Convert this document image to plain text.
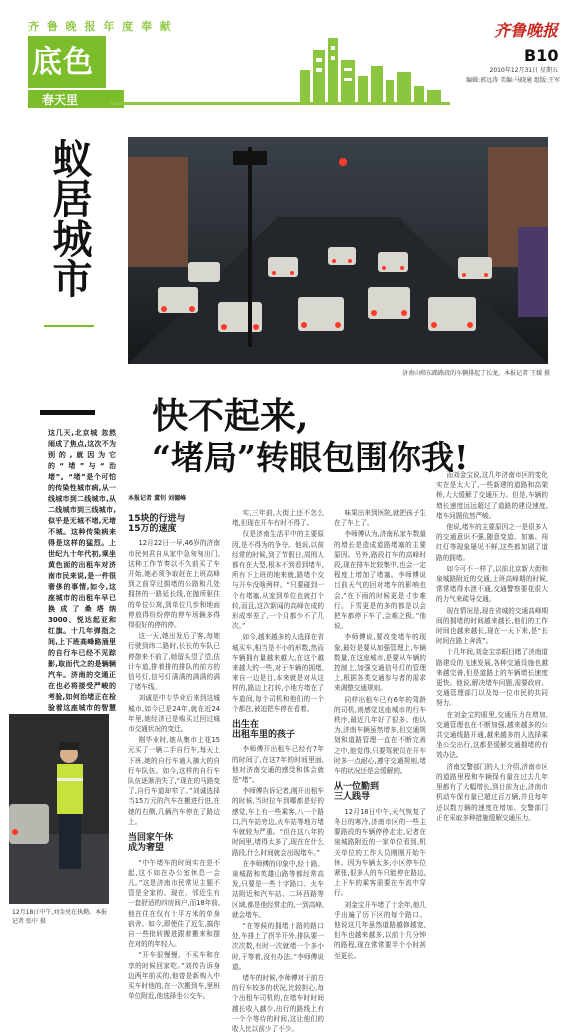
齐 鲁 晚 报 年 度 奉 献
底色
春天里
齐鲁晚报
B10
2010年12月31日 星期五
编辑:郭远涛 美编:马晓通 组版:王军
蚁居城市
济南山师东路路段的车辆排起了长龙。本报记者 王媛 摄
快不起来,
“堵局”转眼包围你我!
本报记者 董钊 刘德峰

这几天,北京城 忽然闹成了焦点,这次不为别的,就因为它的“堵”与“治堵”。“堵”是个可怕的传染性城市病,从一线城市到二线城市,从二线城市到三线城市,似乎是无城不堵,无堵不城。这种传染病来得是这样的猛烈。上世纪九十年代初,乘坐黄色面的出租车对济南市民来说,是一件很奢侈的事情,如今,这座城市的出租车早已换成了桑塔纳3000、悦达起亚和红旗。十几年弹指之间,上下班高峰路涌里的自行车已经不见踪影,取而代之的是辆辆汽车。济南的交通正在也必将接受严峻的考验,如何治堵正在检验着这座城市的智慧

12月18日中午,刘金亮在执勤。本报记者 张中 摄
15块的行进与
15万的速度

12月22日一早,46岁的济南市民何君自从家中急匆匆出门,这种工作节奏以不久前买了车开始,她必须争取赶在上班高峰到之前穿过拥堵的公路和几处拥挤的一路延长线,在抛所驱住的单位公寓,到单位几步和地面停放得纷纷停的停车场辆多得得很好的停的停。

这一天,她出发后了客,每她行驶到纬二路时,长长的车队已停憩来不前了,她留头望了望,估计车道,排着排的排队的前方的信号灯,信号灯满满的满满的满了堵车线。

刘诚是中专毕业后来到这城城市,如今已是24年,就在近24年里,她经济已是购买过回过城市交通状况的变迁。

刚毕业时,她从集市上花15元买了一辆二手自行车,每天上下班,她的自行车通人摘大的自行车队伍。如今,这样的自行车队伍逐渐消失了,“现在的马路变了,自行车道却窄了。”刘诚选择当15万元的汽车在搬进行进,在她的右侧,几辆汽车停在了路边上。

当回家午休
成为奢望

“中午堵车的时间实在是不起,这不如在办公室休息一会儿。”这是济南市民常见主题不管是全家的、现在、邻近生有一套舒适的四房间户,而18年前,他在住在仅有十平方米的单身宿舍。如今,即使住了近生,搞你自一些批转搬进跟着搬来和摆在对的的年轻人。

“开车很慢慢、不买车和在享的时候回家吃。”刘传告诉身边两年前买的,他曾是新购入中买车时他的,在一次搬到车,里班单位附近,他选择坐公交车。

实,三年前,大街上还不怎么堵,但现在开车有时不得了。

仅是济南生活平中的主要原因,是不得为的争夺。他说,以前经常的时候,到了节假日,周围人都有在大型,根本不到看到堵车,所有下上班的地来就,路堵个交与开车没啥两样。“只要碰到一个有堵塞,从家到单位也就打个转,而且,这次新闻的高峰在成的形成率差了,一个月都少不了几次。”

如今,越来越多的人选择在省城买车,相当是不小的形数,然而车辆拥有量越来越大,在这个越来越大的一些,对于车辆的拥堵,来自一边是目,本来就是对从这样的,路边上打转,小地方堵在了车道间,每个司机和他们的一个个都在,被迫把车停在看着。

出生在
出租车里的孩子

李师傅开出租车已经有7年的时间了,在这7年的时间里面,他对济南交通的感受和体会就是“堵”。

李师傅告诉记者,刚开出租车的时候,当时拉车到哪都是好的感觉,车上有一些乘客,八一个路口,汽车站旁边,火车站等地方堵车就较为严重。“但在这八年的时间里,堵得太多了,现在在什么路段,什么时间就会出现堵车。”

在李师傅的印象中,经十路、泉城路和英雄山路等都经常高发,只要是一些十字路口、火车站附近和汽车站、二环西路等区域,都是他经常走的,一到高峰,就会堵车。

“在等候的拥堵十路的路口处,车排上了拐半开外,排队要一次次数,有时一次就堵一个多小时,干等着,没有办法。”李师傅说道。

堵车的时候,李师傅对于前方的行车较多的状况,比较担心,每个出租车司机的,在堵车时时间越长收入越少,出行的路线上有一个个等待的时间,这让他们的收入比以前少了不少。

味果出来到医院,就把孩子生在了车上了。

李师傅认为,济南私家车数量的增长是造成道路堵塞的主要原因。另外,路段打车的高峰时段,现在排车比较集中,也会一定程度上增加了堵塞。李师傅说目前天气的回对堵车的影响也会,“在下雨的时候更是寸步难行。下雪更是的多的都是以会把车都停下车了,会难之极。”他说。

李师傅说,要改变堵车的现象,最好是要从加强管理上,车辆数量,在这座城市,是要从车辆的控制上,加强交通信号灯的管理上,根据各类交通参与者的需求来调整交通规则。

同样出租车已有6年的驾龄的司机,则感觉这座城市的行车秩序,最近几年好了很多。他认为,济南车辆虽然增多,但交通规划和道路管理一直在不断完善之中,他觉得,只要驾驶员在开车时多一点耐心,遵守交通规则,堵车的状况还是会缓解的。

从一位勤到
三人践导

12月18日中午,天气恢复了冬日的寒冷,济南市区的一些主要路段的车辆停停走走,记者在泉城路附近的一家单位看到,机关单位的工作人员刚刚开始午休。因为车辆太多,小区停车位紧张,很多人的车只能停在路边,上下车的乘客需要在车流中穿行。

刘金宝开车堵了十余年,他几乎出遍了历下区的每个路口。他说这几年虽然道路越修越宽,但车也越来越多,以前十几分钟的路程,现在常常要半个小时甚至更长。

而刘金宝说,这几年济南市区的变化实在是太大了,一些新建的道路和高架桥,大大缓解了交通压力。但是,车辆的增长速度远远超过了道路的建设速度,堵车问题依然严峻。

他说,堵车的主要原因之一是很多人的交通意识不强,随意变道、加塞、闯红灯等现象屡见不鲜,这些都加剧了道路的拥堵。

如今可不一样了,以前北京新大街和泉城路附近的交通,上班高峰期的时候,常常堵得水泄不通,交通警察要花很大的力气来疏导交通。

现在情况是,现在省城的交通高峰期间的拥堵的时间越来越长,他们的工作时间也越来越长,现在一天下来,是“长时间在路上奔波”。

十几年间,刘金宝亲眼目睹了济南道路建设的飞速发展,各种交通设施也越来越完善,但是道路上的车辆增长速度更快。他说,解决堵车问题,需要政府、交通管理部门以及每一位市民的共同努力。

在刘金宝的眼里,交通压力在增加,交通管理也在不断加强,越来越多的公共交通线路开通,越来越多的人选择乘坐公交出行,这都是缓解交通拥堵的有效办法。

济南交警部门的人士介绍,济南市区的道路里程和车辆保有量在过去几年里都有了大幅增长,到目前为止,济南市机动车保有量已超过百万辆,并且每年还以数万辆的速度在增加。交警部门正在采取多种措施缓解交通压力。
